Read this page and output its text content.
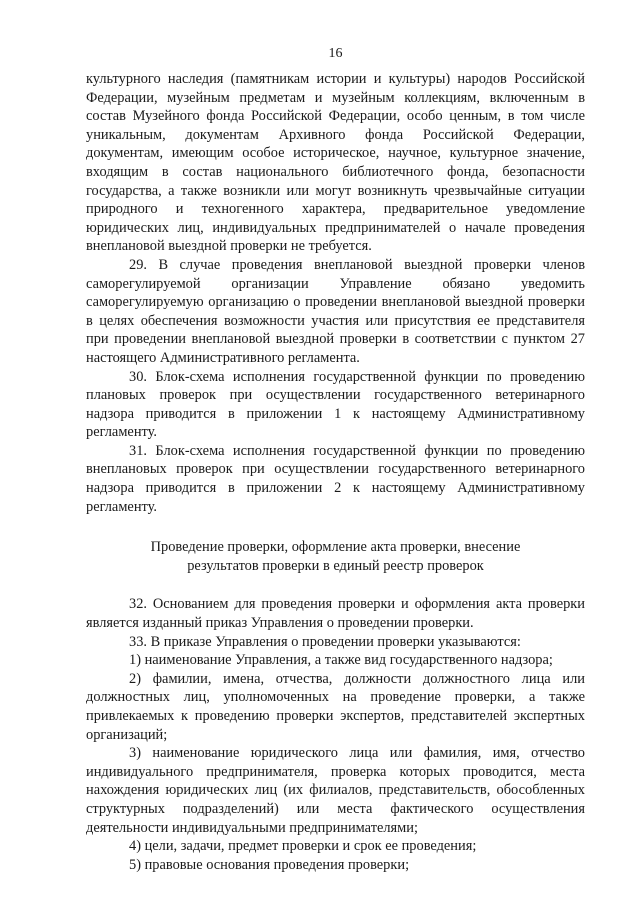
16

культурного наследия (памятникам истории и культуры) народов Российской Федерации, музейным предметам и музейным коллекциям, включенным в состав Музейного фонда Российской Федерации, особо ценным, в том числе уникальным, документам Архивного фонда Российской Федерации, документам, имеющим особое историческое, научное, культурное значение, входящим в состав национального библиотечного фонда, безопасности государства, а также возникли или могут возникнуть чрезвычайные ситуации природного и техногенного характера, предварительное уведомление юридических лиц, индивидуальных предпринимателей о начале проведения внеплановой выездной проверки не требуется.

29. В случае проведения внеплановой выездной проверки членов саморегулируемой организации Управление обязано уведомить саморегулируемую организацию о проведении внеплановой выездной проверки в целях обеспечения возможности участия или присутствия ее представителя при проведении внеплановой выездной проверки в соответствии с пунктом 27 настоящего Административного регламента.

30. Блок-схема исполнения государственной функции по проведению плановых проверок при осуществлении государственного ветеринарного надзора приводится в приложении 1 к настоящему Административному регламенту.

31. Блок-схема исполнения государственной функции по проведению внеплановых проверок при осуществлении государственного ветеринарного надзора приводится в приложении 2 к настоящему Административному регламенту.

Проведение проверки, оформление акта проверки, внесение
результатов проверки в единый реестр проверок

32. Основанием для проведения проверки и оформления акта проверки является изданный приказ Управления о проведении проверки.

33. В приказе Управления о проведении проверки указываются:

1) наименование Управления, а также вид государственного надзора;

2) фамилии, имена, отчества, должности должностного лица или должностных лиц, уполномоченных на проведение проверки, а также привлекаемых к проведению проверки экспертов, представителей экспертных организаций;

3) наименование юридического лица или фамилия, имя, отчество индивидуального предпринимателя, проверка которых проводится, места нахождения юридических лиц (их филиалов, представительств, обособленных структурных подразделений) или места фактического осуществления деятельности индивидуальными предпринимателями;

4) цели, задачи, предмет проверки и срок ее проведения;

5) правовые основания проведения проверки;
